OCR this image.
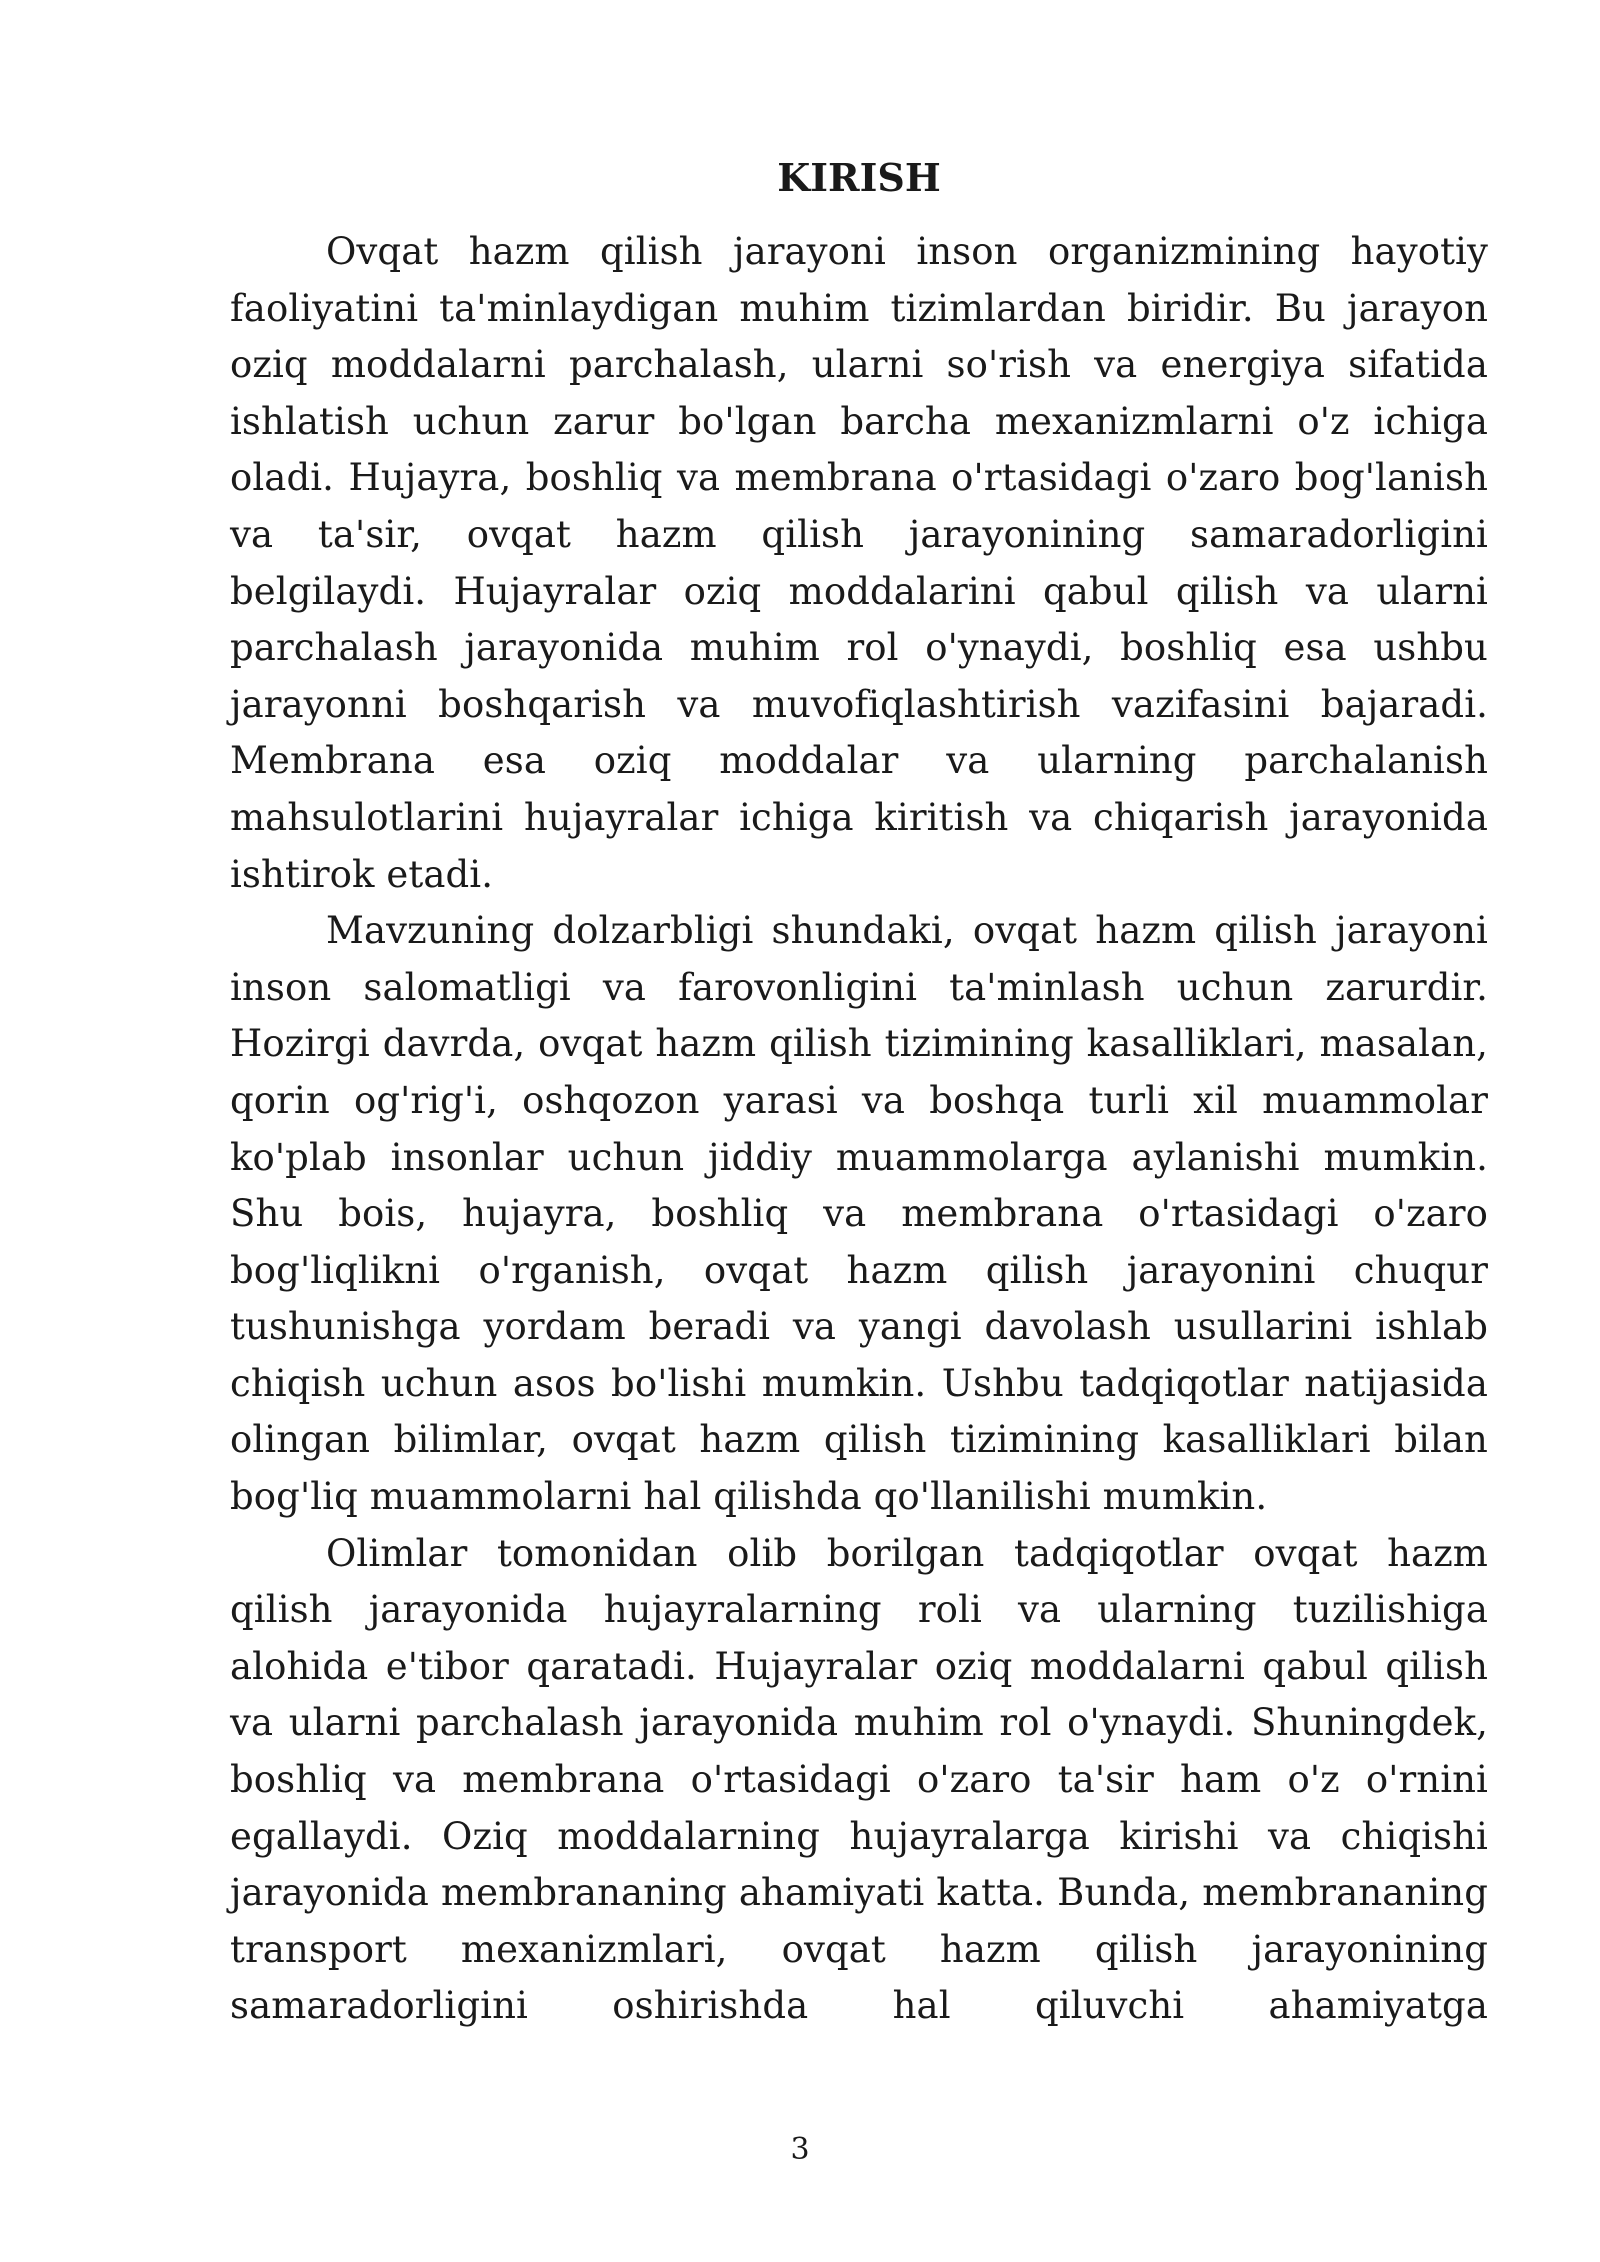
KIRISH

Ovqat hazm qilish jarayoni inson organizmining hayotiy faoliyatini ta'minlaydigan muhim tizimlardan biridir. Bu jarayon oziq moddalarni parchalash, ularni so'rish va energiya sifatida ishlatish uchun zarur bo'lgan barcha mexanizmlarni o'z ichiga oladi. Hujayra, boshliq va membrana o'rtasidagi o'zaro bog'lanish va ta'sir, ovqat hazm qilish jarayonining samaradorligini belgilaydi. Hujayralar oziq moddalarini qabul qilish va ularni parchalash jarayonida muhim rol o'ynaydi, boshliq esa ushbu jarayonni boshqarish va muvofiqlashtirish vazifasini bajaradi. Membrana esa oziq moddalar va ularning parchalanish mahsulotlarini hujayralar ichiga kiritish va chiqarish jarayonida ishtirok etadi.

Mavzuning dolzarbligi shundaki, ovqat hazm qilish jarayoni inson salomatligi va farovonligini ta'minlash uchun zarurdir. Hozirgi davrda, ovqat hazm qilish tizimining kasalliklari, masalan, qorin og'rig'i, oshqozon yarasi va boshqa turli xil muammolar ko'plab insonlar uchun jiddiy muammolarga aylanishi mumkin. Shu bois, hujayra, boshliq va membrana o'rtasidagi o'zaro bog'liqlikni o'rganish, ovqat hazm qilish jarayonini chuqur tushunishga yordam beradi va yangi davolash usullarini ishlab chiqish uchun asos bo'lishi mumkin. Ushbu tadqiqotlar natijasida olingan bilimlar, ovqat hazm qilish tizimining kasalliklari bilan bog'liq muammolarni hal qilishda qo'llanilishi mumkin.

Olimlar tomonidan olib borilgan tadqiqotlar ovqat hazm qilish jarayonida hujayralarning roli va ularning tuzilishiga alohida e'tibor qaratadi. Hujayralar oziq moddalarni qabul qilish va ularni parchalash jarayonida muhim rol o'ynaydi. Shuningdek, boshliq va membrana o'rtasidagi o'zaro ta'sir ham o'z o'rnini egallaydi. Oziq moddalarning hujayralarga kirishi va chiqishi jarayonida membrananing ahamiyati katta. Bunda, membrananing transport mexanizmlari, ovqat hazm qilish jarayonining samaradorligini oshirishda hal qiluvchi ahamiyatga

3
